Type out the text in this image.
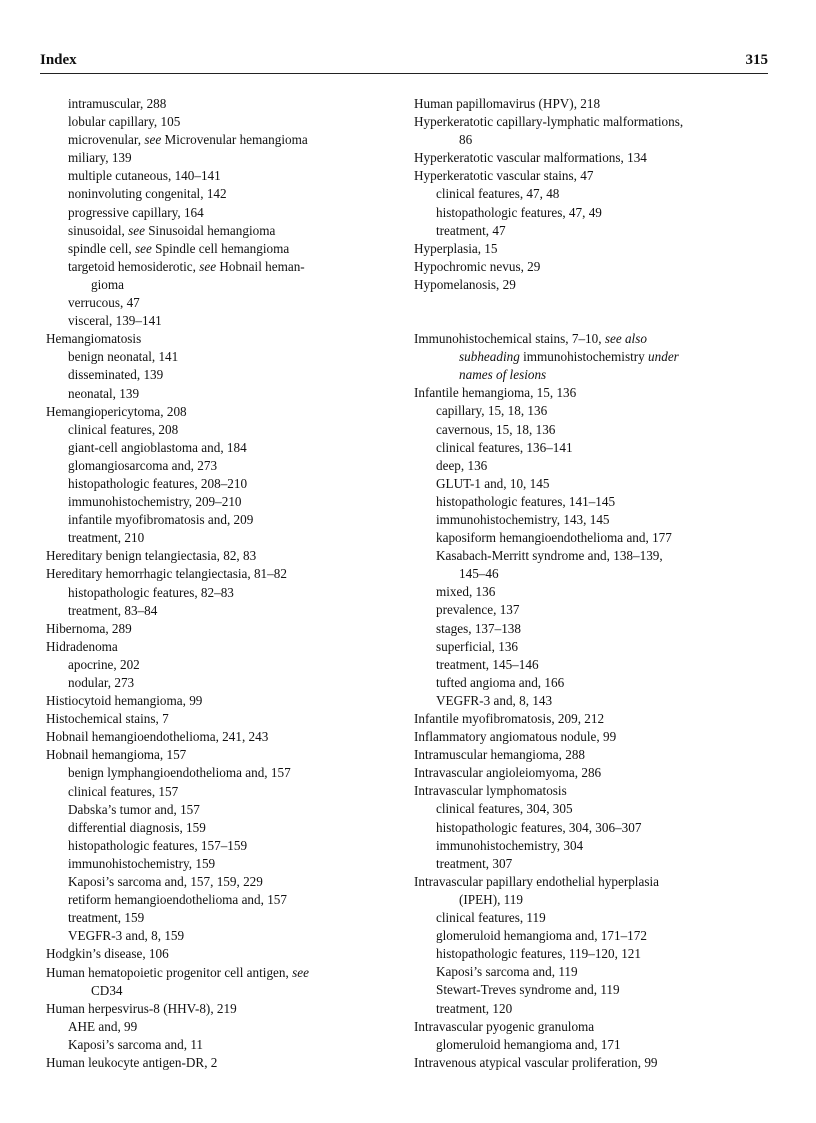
Index	315
intramuscular, 288
lobular capillary, 105
microvenular, see Microvenular hemangioma
miliary, 139
multiple cutaneous, 140–141
noninvoluting congenital, 142
progressive capillary, 164
sinusoidal, see Sinusoidal hemangioma
spindle cell, see Spindle cell hemangioma
targetoid hemosiderotic, see Hobnail heman-
gioma
verrucous, 47
visceral, 139–141
Hemangiomatosis
benign neonatal, 141
disseminated, 139
neonatal, 139
Hemangiopericytoma, 208
clinical features, 208
giant-cell angioblastoma and, 184
glomangiosarcoma and, 273
histopathologic features, 208–210
immunohistochemistry, 209–210
infantile myofibromatosis and, 209
treatment, 210
Hereditary benign telangiectasia, 82, 83
Hereditary hemorrhagic telangiectasia, 81–82
histopathologic features, 82–83
treatment, 83–84
Hibernoma, 289
Hidradenoma
apocrine, 202
nodular, 273
Histiocytoid hemangioma, 99
Histochemical stains, 7
Hobnail hemangioendothelioma, 241, 243
Hobnail hemangioma, 157
benign lymphangioendothelioma and, 157
clinical features, 157
Dabska’s tumor and, 157
differential diagnosis, 159
histopathologic features, 157–159
immunohistochemistry, 159
Kaposi’s sarcoma and, 157, 159, 229
retiform hemangioendothelioma and, 157
treatment, 159
VEGFR-3 and, 8, 159
Hodgkin’s disease, 106
Human hematopoietic progenitor cell antigen, see
CD34
Human herpesvirus-8 (HHV-8), 219
AHE and, 99
Kaposi’s sarcoma and, 11
Human leukocyte antigen-DR, 2
Human papillomavirus (HPV), 218
Hyperkeratotic capillary-lymphatic malformations,
86
Hyperkeratotic vascular malformations, 134
Hyperkeratotic vascular stains, 47
clinical features, 47, 48
histopathologic features, 47, 49
treatment, 47
Hyperplasia, 15
Hypochromic nevus, 29
Hypomelanosis, 29
Immunohistochemical stains, 7–10, see also
subheading immunohistochemistry under
names of lesions
Infantile hemangioma, 15, 136
capillary, 15, 18, 136
cavernous, 15, 18, 136
clinical features, 136–141
deep, 136
GLUT-1 and, 10, 145
histopathologic features, 141–145
immunohistochemistry, 143, 145
kaposiform hemangioendothelioma and, 177
Kasabach-Merritt syndrome and, 138–139,
145–46
mixed, 136
prevalence, 137
stages, 137–138
superficial, 136
treatment, 145–146
tufted angioma and, 166
VEGFR-3 and, 8, 143
Infantile myofibromatosis, 209, 212
Inflammatory angiomatous nodule, 99
Intramuscular hemangioma, 288
Intravascular angioleiomyoma, 286
Intravascular lymphomatosis
clinical features, 304, 305
histopathologic features, 304, 306–307
immunohistochemistry, 304
treatment, 307
Intravascular papillary endothelial hyperplasia
(IPEH), 119
clinical features, 119
glomeruloid hemangioma and, 171–172
histopathologic features, 119–120, 121
Kaposi’s sarcoma and, 119
Stewart-Treves syndrome and, 119
treatment, 120
Intravascular pyogenic granuloma
glomeruloid hemangioma and, 171
Intravenous atypical vascular proliferation, 99
